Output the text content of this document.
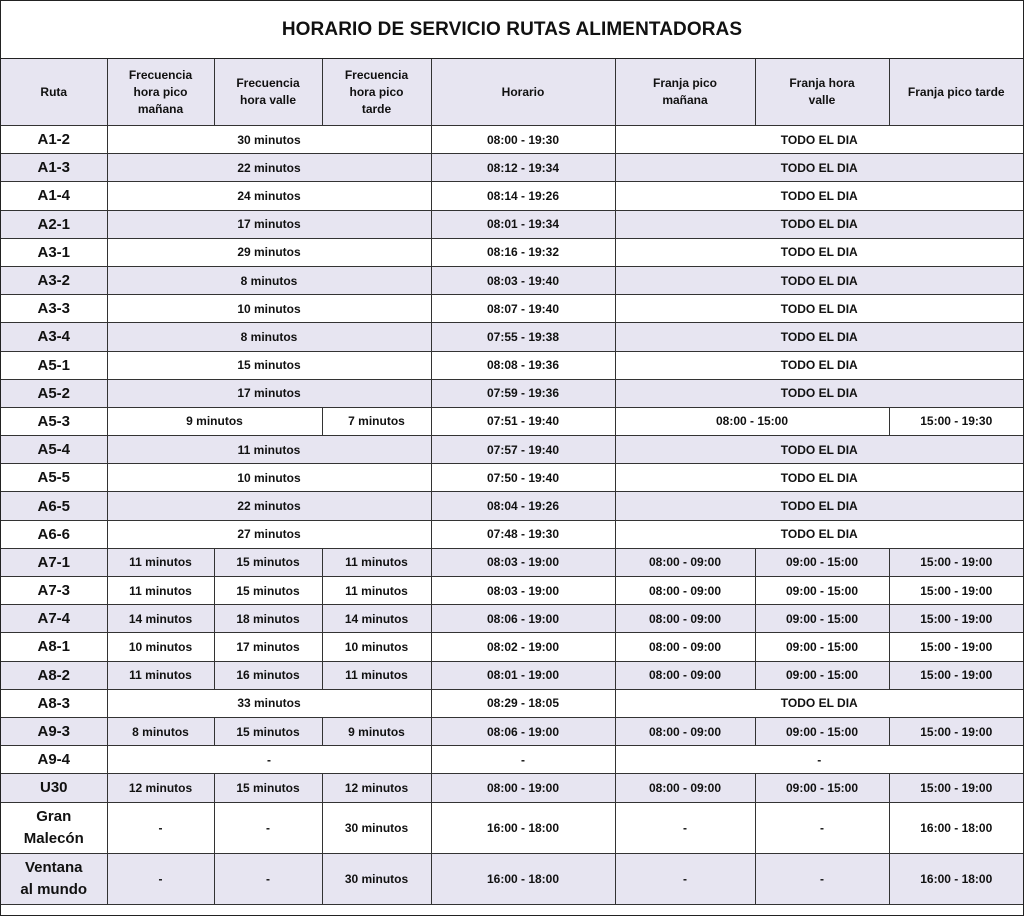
HORARIO DE SERVICIO RUTAS ALIMENTADORAS
Ruta	Frecuencia hora pico mañana	Frecuencia hora valle	Frecuencia hora pico tarde	Horario	Franja pico mañana	Franja hora valle	Franja pico tarde
A1-2	30 minutos			08:00 - 19:30	TODO EL DIA		
A1-3	22 minutos			08:12 - 19:34	TODO EL DIA		
A1-4	24 minutos			08:14 - 19:26	TODO EL DIA		
A2-1	17 minutos			08:01 - 19:34	TODO EL DIA		
A3-1	29 minutos			08:16 - 19:32	TODO EL DIA		
A3-2	8 minutos			08:03 - 19:40	TODO EL DIA		
A3-3	10 minutos			08:07 - 19:40	TODO EL DIA		
A3-4	8 minutos			07:55 - 19:38	TODO EL DIA		
A5-1	15 minutos			08:08 - 19:36	TODO EL DIA		
A5-2	17 minutos			07:59 - 19:36	TODO EL DIA		
A5-3	9 minutos		7 minutos	07:51 - 19:40	08:00 - 15:00		15:00 - 19:30
A5-4	11 minutos			07:57 - 19:40	TODO EL DIA		
A5-5	10 minutos			07:50 - 19:40	TODO EL DIA		
A6-5	22 minutos			08:04 - 19:26	TODO EL DIA		
A6-6	27 minutos			07:48 - 19:30	TODO EL DIA		
A7-1	11 minutos	15 minutos	11 minutos	08:03 - 19:00	08:00 - 09:00	09:00 - 15:00	15:00 - 19:00
A7-3	11 minutos	15 minutos	11 minutos	08:03 - 19:00	08:00 - 09:00	09:00 - 15:00	15:00 - 19:00
A7-4	14 minutos	18 minutos	14 minutos	08:06 - 19:00	08:00 - 09:00	09:00 - 15:00	15:00 - 19:00
A8-1	10 minutos	17 minutos	10 minutos	08:02 - 19:00	08:00 - 09:00	09:00 - 15:00	15:00 - 19:00
A8-2	11 minutos	16 minutos	11 minutos	08:01 - 19:00	08:00 - 09:00	09:00 - 15:00	15:00 - 19:00
A8-3	33 minutos			08:29 - 18:05	TODO EL DIA		
A9-3	8 minutos	15 minutos	9 minutos	08:06 - 19:00	08:00 - 09:00	09:00 - 15:00	15:00 - 19:00
A9-4	-			-	-		
U30	12 minutos	15 minutos	12 minutos	08:00 - 19:00	08:00 - 09:00	09:00 - 15:00	15:00 - 19:00
Gran
Malecón	-	-	30 minutos	16:00 - 18:00	-	-	16:00 - 18:00
Ventana
al mundo	-	-	30 minutos	16:00 - 18:00	-	-	16:00 - 18:00
